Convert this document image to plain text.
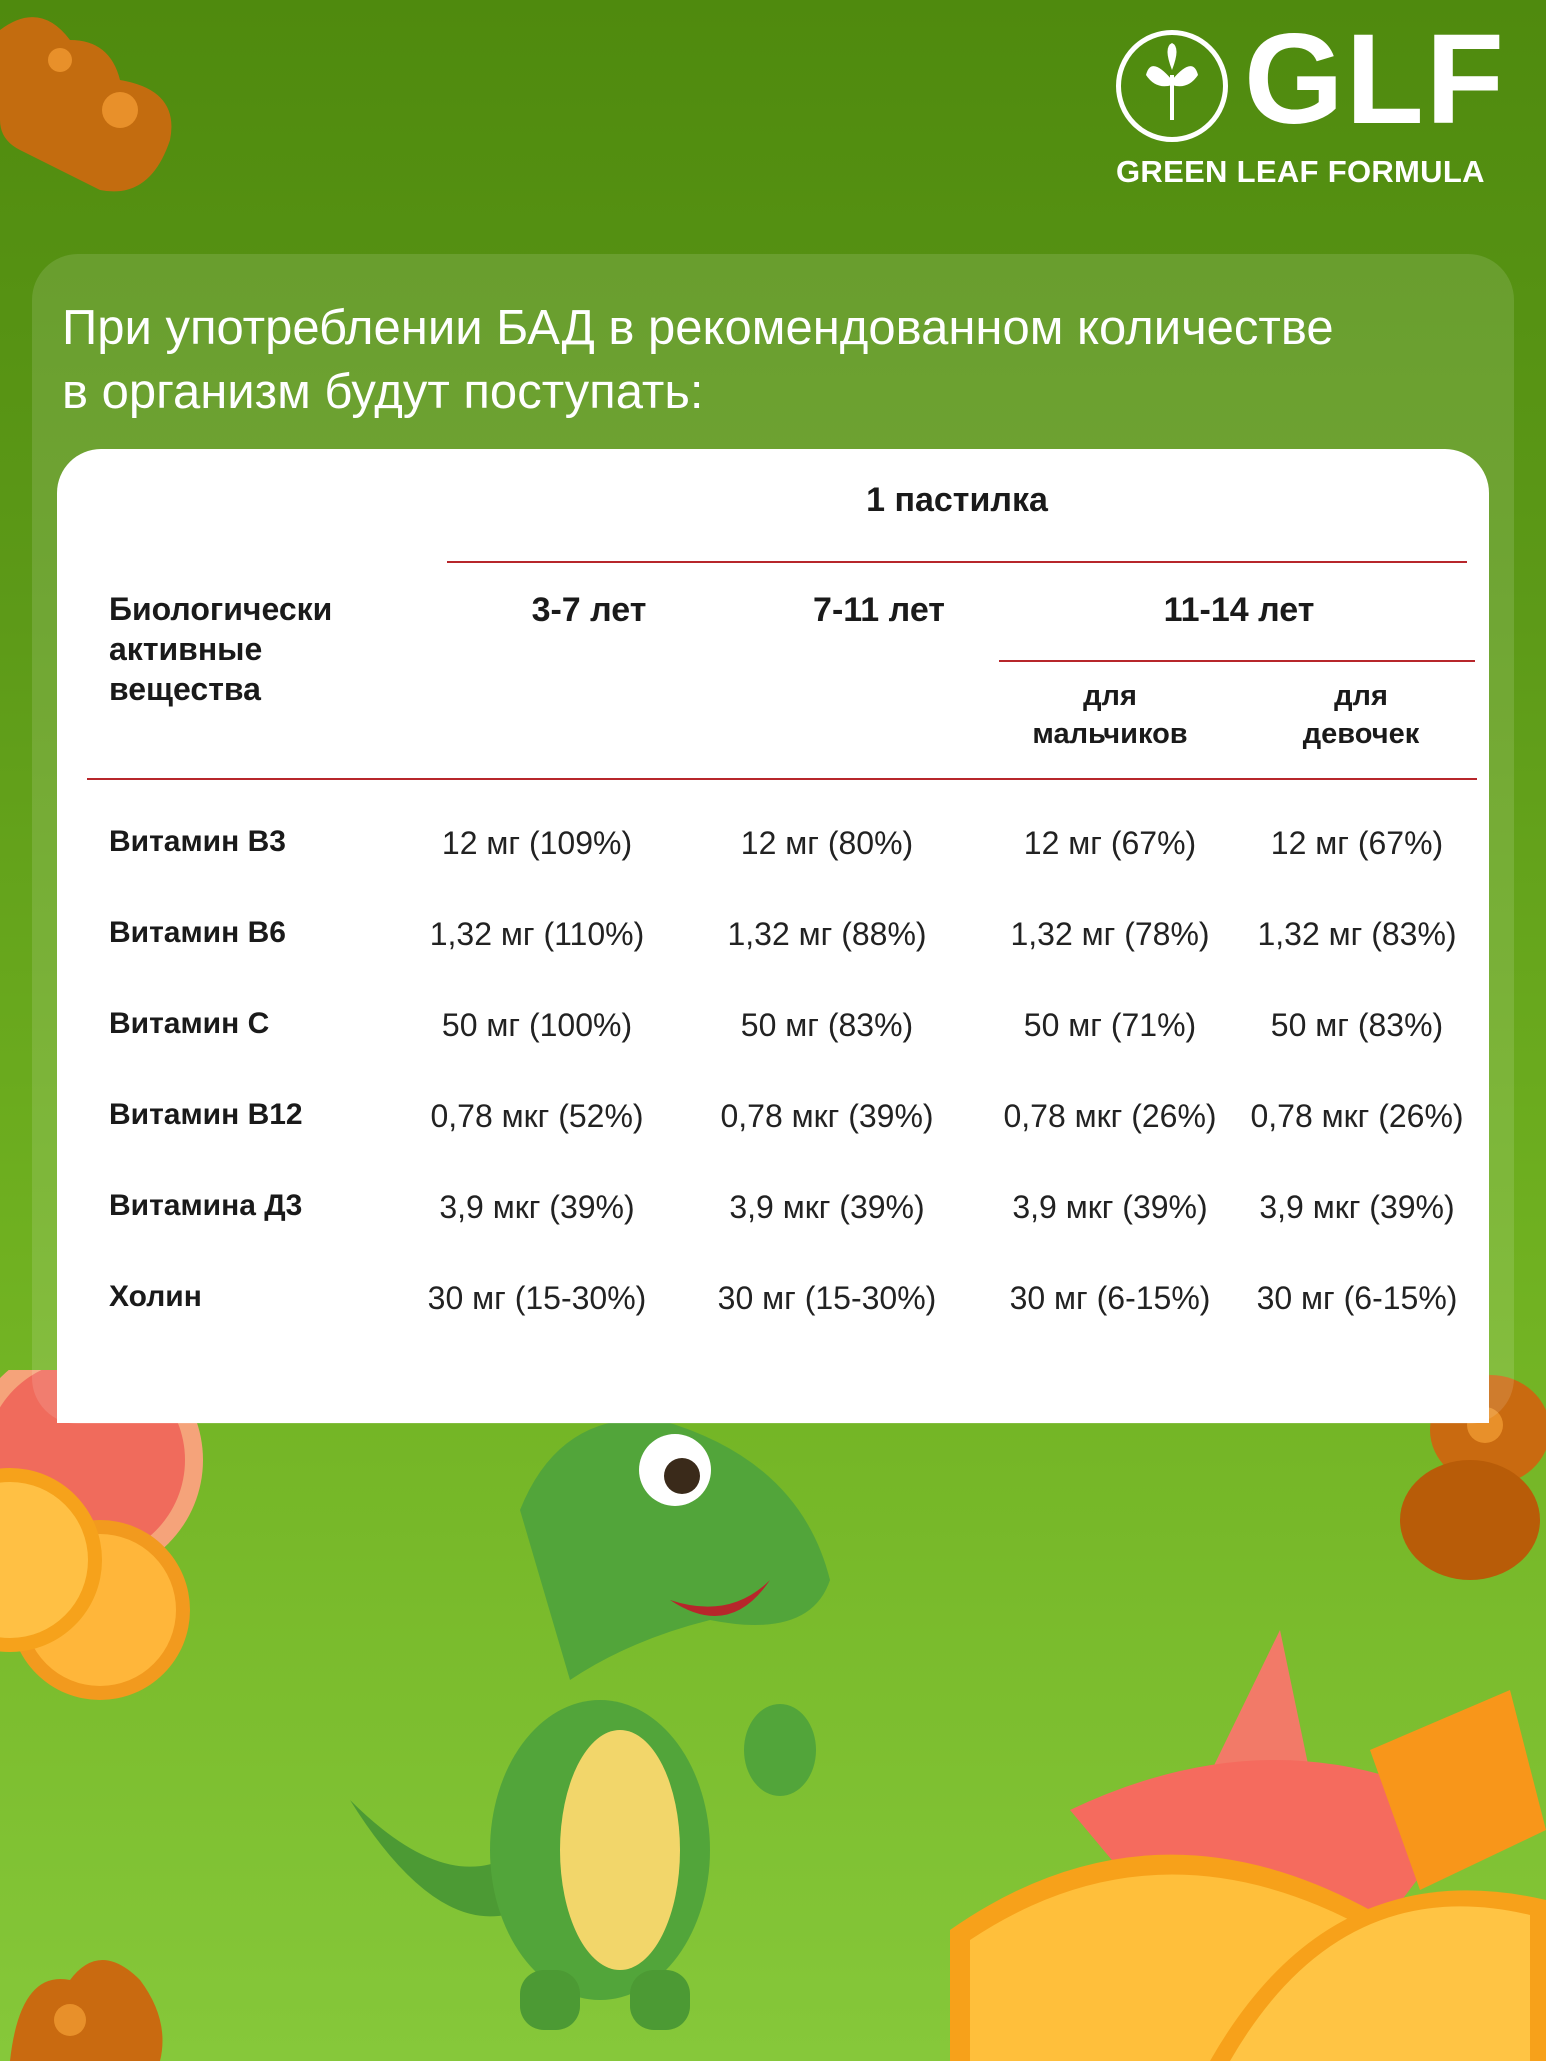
GLF
GREEN LEAF FORMULA
При употреблении БАД в рекомендованном количестве
в организм будут поступать:
1 пастилка
Биологически
активные
вещества
3-7 лет	7-11 лет	11-14 лет
для
мальчиков
для
девочек
Витамин В3	12 мг (109%)	12 мг (80%)	12 мг (67%)	12 мг (67%)
Витамин В6	1,32 мг (110%)	1,32 мг (88%)	1,32 мг (78%)	1,32 мг (83%)
Витамин С	50 мг (100%)	50 мг (83%)	50 мг (71%)	50 мг (83%)
Витамин В12	0,78 мкг (52%)	0,78 мкг (39%)	0,78 мкг (26%)	0,78 мкг (26%)
Витамина Д3	3,9 мкг (39%)	3,9 мкг (39%)	3,9 мкг (39%)	3,9 мкг (39%)
Холин	30 мг (15-30%)	30 мг (15-30%)	30 мг (6-15%)	30 мг (6-15%)
